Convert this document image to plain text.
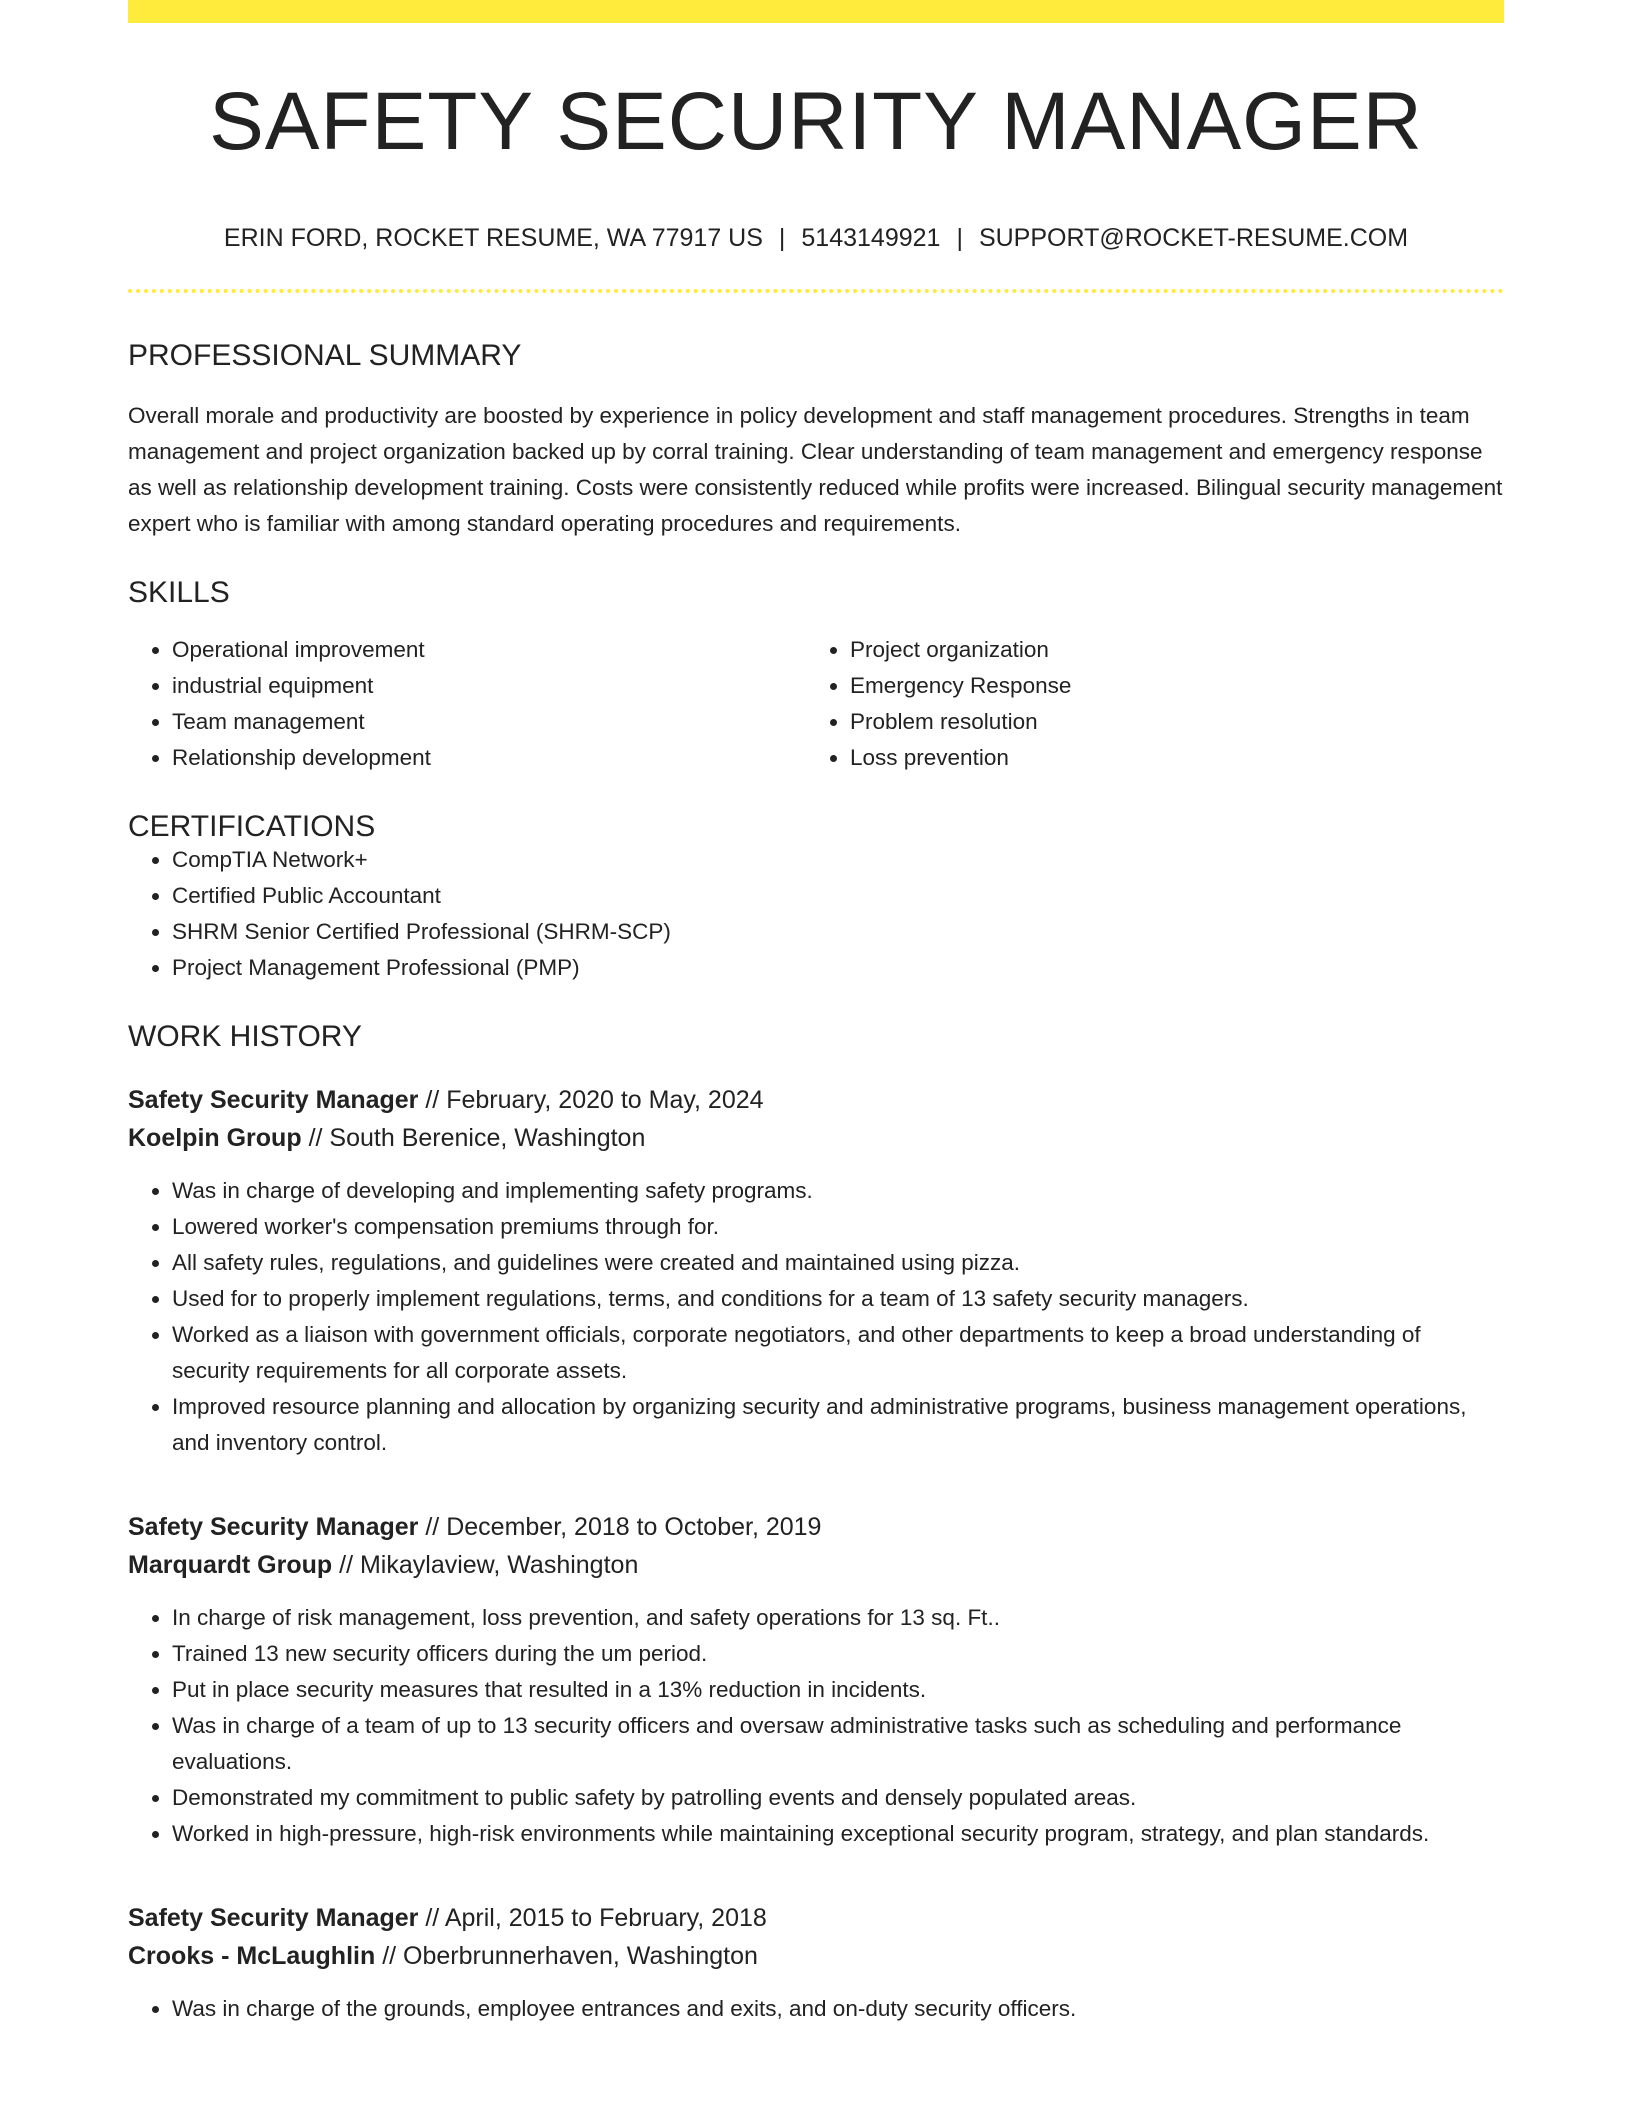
SAFETY SECURITY MANAGER
ERIN FORD, ROCKET RESUME, WA 77917 US | 5143149921 | SUPPORT@ROCKET-RESUME.COM
PROFESSIONAL SUMMARY

Overall morale and productivity are boosted by experience in policy development and staff management procedures. Strengths in team management and project organization backed up by corral training. Clear understanding of team management and emergency response as well as relationship development training. Costs were consistently reduced while profits were increased. Bilingual security management expert who is familiar with among standard operating procedures and requirements.

SKILLS
• Operational improvement
• industrial equipment
• Team management
• Relationship development
• Project organization
• Emergency Response
• Problem resolution
• Loss prevention
CERTIFICATIONS
• CompTIA Network+
• Certified Public Accountant
• SHRM Senior Certified Professional (SHRM-SCP)
• Project Management Professional (PMP)
WORK HISTORY
Safety Security Manager // February, 2020 to May, 2024
Koelpin Group // South Berenice, Washington
• Was in charge of developing and implementing safety programs.
• Lowered worker's compensation premiums through for.
• All safety rules, regulations, and guidelines were created and maintained using pizza.
• Used for to properly implement regulations, terms, and conditions for a team of 13 safety security managers.
• Worked as a liaison with government officials, corporate negotiators, and other departments to keep a broad understanding of security requirements for all corporate assets.
• Improved resource planning and allocation by organizing security and administrative programs, business management operations, and inventory control.
Safety Security Manager // December, 2018 to October, 2019
Marquardt Group // Mikaylaview, Washington
• In charge of risk management, loss prevention, and safety operations for 13 sq. Ft..
• Trained 13 new security officers during the um period.
• Put in place security measures that resulted in a 13% reduction in incidents.
• Was in charge of a team of up to 13 security officers and oversaw administrative tasks such as scheduling and performance evaluations.
• Demonstrated my commitment to public safety by patrolling events and densely populated areas.
• Worked in high-pressure, high-risk environments while maintaining exceptional security program, strategy, and plan standards.
Safety Security Manager // April, 2015 to February, 2018
Crooks - McLaughlin // Oberbrunnerhaven, Washington
• Was in charge of the grounds, employee entrances and exits, and on-duty security officers.
